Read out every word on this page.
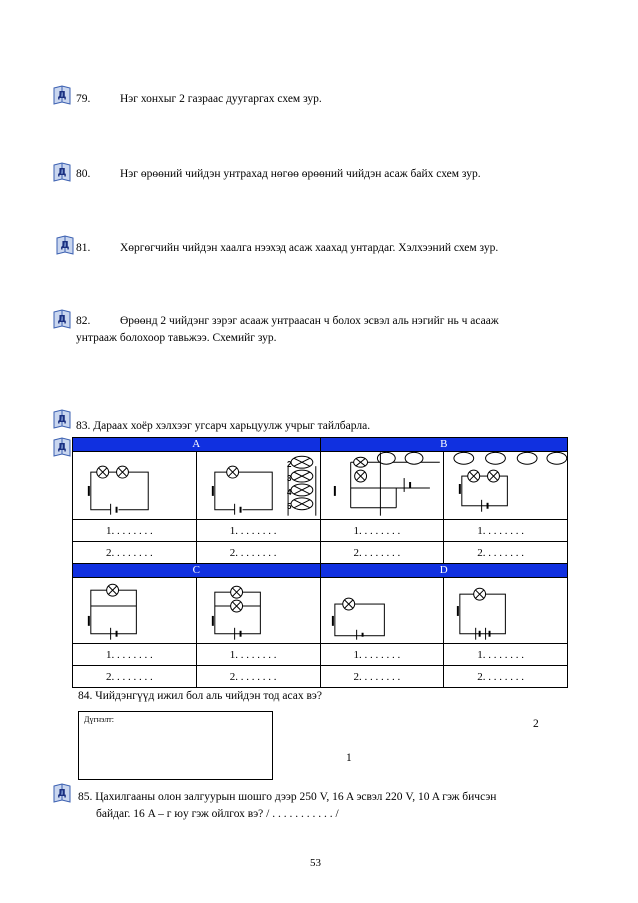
Д
Д
Д
Д
Д
Д
Д
79.	Нэг хонхыг 2 газраас дуугаргах схем зур.
80.	Нэг өрөөний чийдэн унтрахад нөгөө өрөөний чийдэн асаж байх схем зур.
81.	Хөргөгчийн чийдэн хаалга нээхэд асаж хаахад унтардаг. Хэлхээний схем зур.
82.	Өрөөнд 2 чийдэнг зэрэг асааж унтраасан ч болох эсвэл аль нэгийг нь ч асааж
унтрааж болохоор тавьжээ. Схемийг зур.
83. Дараах хоёр хэлхээг угсарч харьцуулж учрыг тайлбарла.
A		B	

1. . . . . . . .	1. . . . . . . .	1. . . . . . . .	1. . . . . . . .
2. . . . . . . .	2. . . . . . . .	2. . . . . . . .	2. . . . . . . .
C		D	

1. . . . . . . .	1. . . . . . . .	1. . . . . . . .	1. . . . . . . .
2. . . . . . . .	2. . . . . . . .	2. . . . . . . .	2. . . . . . . .
2
3
4
5
84. Чийдэнгүүд ижил бол аль чийдэн тод асах вэ?
Дүгнэлт:
1
2
85. Цахилгааны олон залгуурын шошго дээр 250 V, 16 A эсвэл 220 V, 10 A гэж бичсэн
байдаг. 16 A – г юу гэж ойлгох вэ? / . . . . . . . . . . . /
53
